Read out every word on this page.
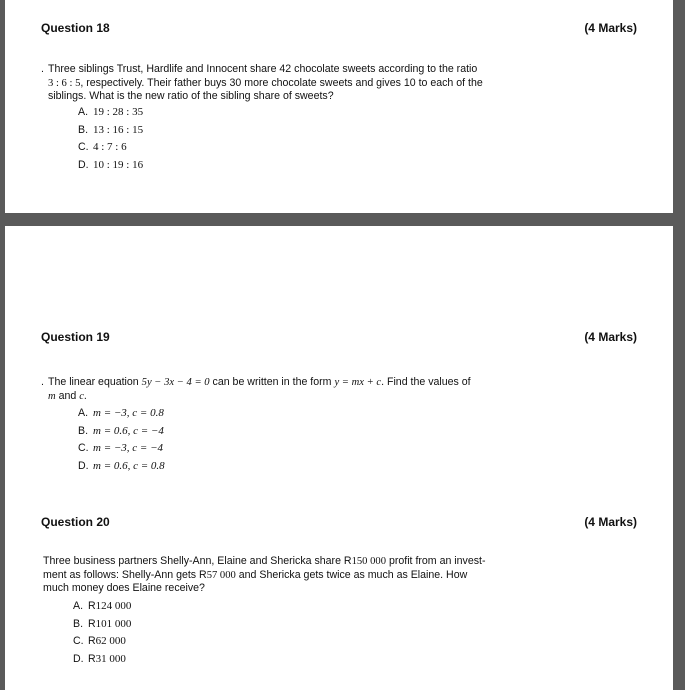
Question 18	(4 Marks)
. Three siblings Trust, Hardlife and Innocent share 42 chocolate sweets according to the ratio
3 : 6 : 5, respectively. Their father buys 30 more chocolate sweets and gives 10 to each of the
siblings. What is the new ratio of the sibling share of sweets?
A. 19 : 28 : 35
B. 13 : 16 : 15
C. 4 : 7 : 6
D. 10 : 19 : 16
Question 19	(4 Marks)
. The linear equation 5y − 3x − 4 = 0 can be written in the form y = mx + c. Find the values of
m and c.
A. m = −3, c = 0.8
B. m = 0.6, c = −4
C. m = −3, c = −4
D. m = 0.6, c = 0.8
Question 20	(4 Marks)
Three business partners Shelly-Ann, Elaine and Shericka share R150 000 profit from an invest-
ment as follows: Shelly-Ann gets R57 000 and Shericka gets twice as much as Elaine. How
much money does Elaine receive?
A. R 124 000
B. R 101 000
C. R 62 000
D. R 31 000
